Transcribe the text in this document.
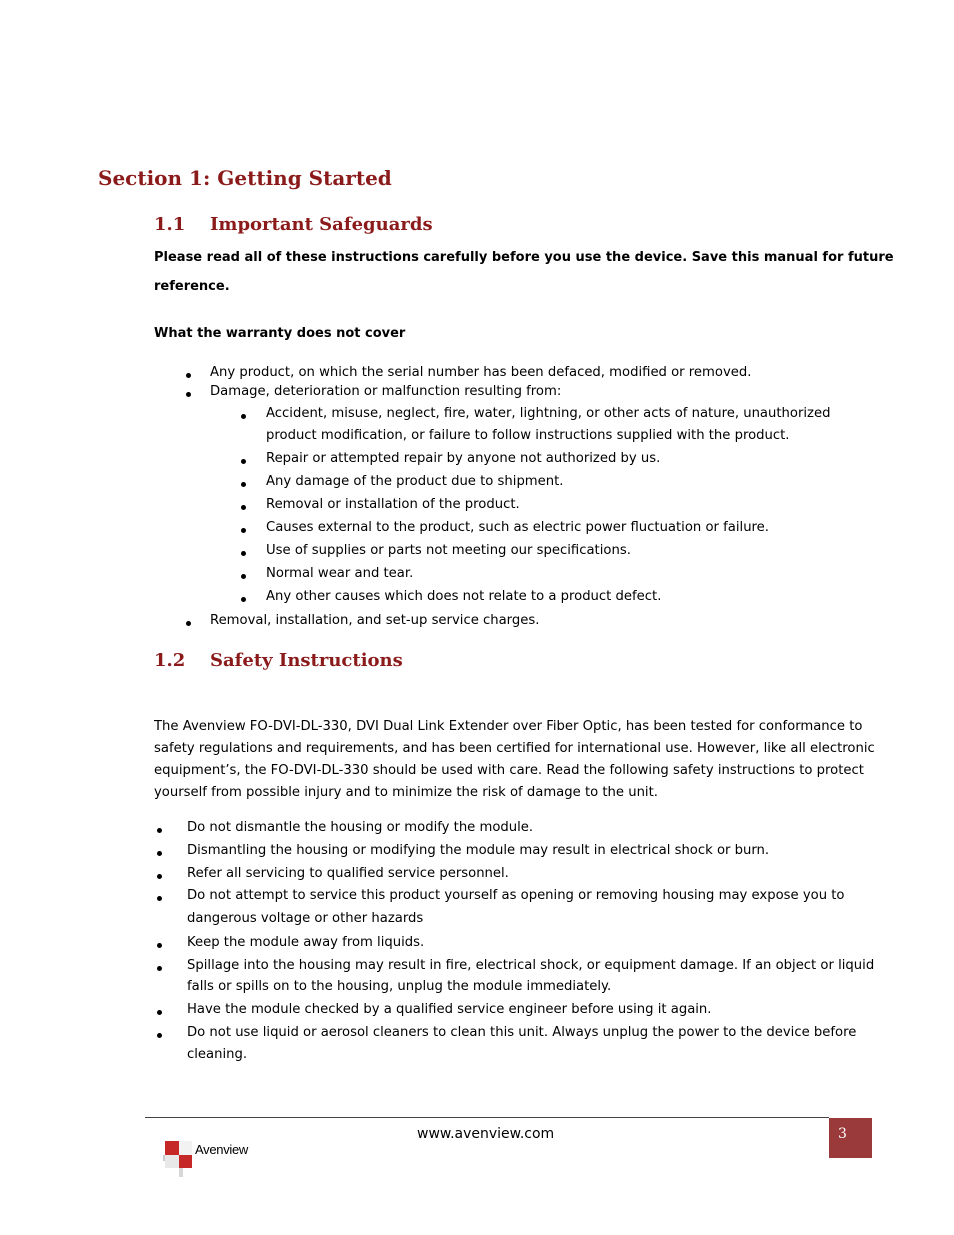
Section 1: Getting Started
1.1 Important Safeguards
Please read all of these instructions carefully before you use the device. Save this manual for future
reference.
What the warranty does not cover
Any product, on which the serial number has been defaced, modified or removed.
Damage, deterioration or malfunction resulting from:
Accident, misuse, neglect, fire, water, lightning, or other acts of nature, unauthorized
product modification, or failure to follow instructions supplied with the product.
Repair or attempted repair by anyone not authorized by us.
Any damage of the product due to shipment.
Removal or installation of the product.
Causes external to the product, such as electric power fluctuation or failure.
Use of supplies or parts not meeting our specifications.
Normal wear and tear.
Any other causes which does not relate to a product defect.
Removal, installation, and set-up service charges.
1.2 Safety Instructions

The Avenview FO-DVI-DL-330, DVI Dual Link Extender over Fiber Optic, has been tested for conformance to

safety regulations and requirements, and has been certified for international use. However, like all electronic

equipment’s, the FO-DVI-DL-330 should be used with care. Read the following safety instructions to protect

yourself from possible injury and to minimize the risk of damage to the unit.

Do not dismantle the housing or modify the module.
Dismantling the housing or modifying the module may result in electrical shock or burn.
Refer all servicing to qualified service personnel.
Do not attempt to service this product yourself as opening or removing housing may expose you to
dangerous voltage or other hazards
Keep the module away from liquids.
Spillage into the housing may result in fire, electrical shock, or equipment damage. If an object or liquid
falls or spills on to the housing, unplug the module immediately.
Have the module checked by a qualified service engineer before using it again.
Do not use liquid or aerosol cleaners to clean this unit. Always unplug the power to the device before
cleaning.
www.avenview.com	3
Avenview
